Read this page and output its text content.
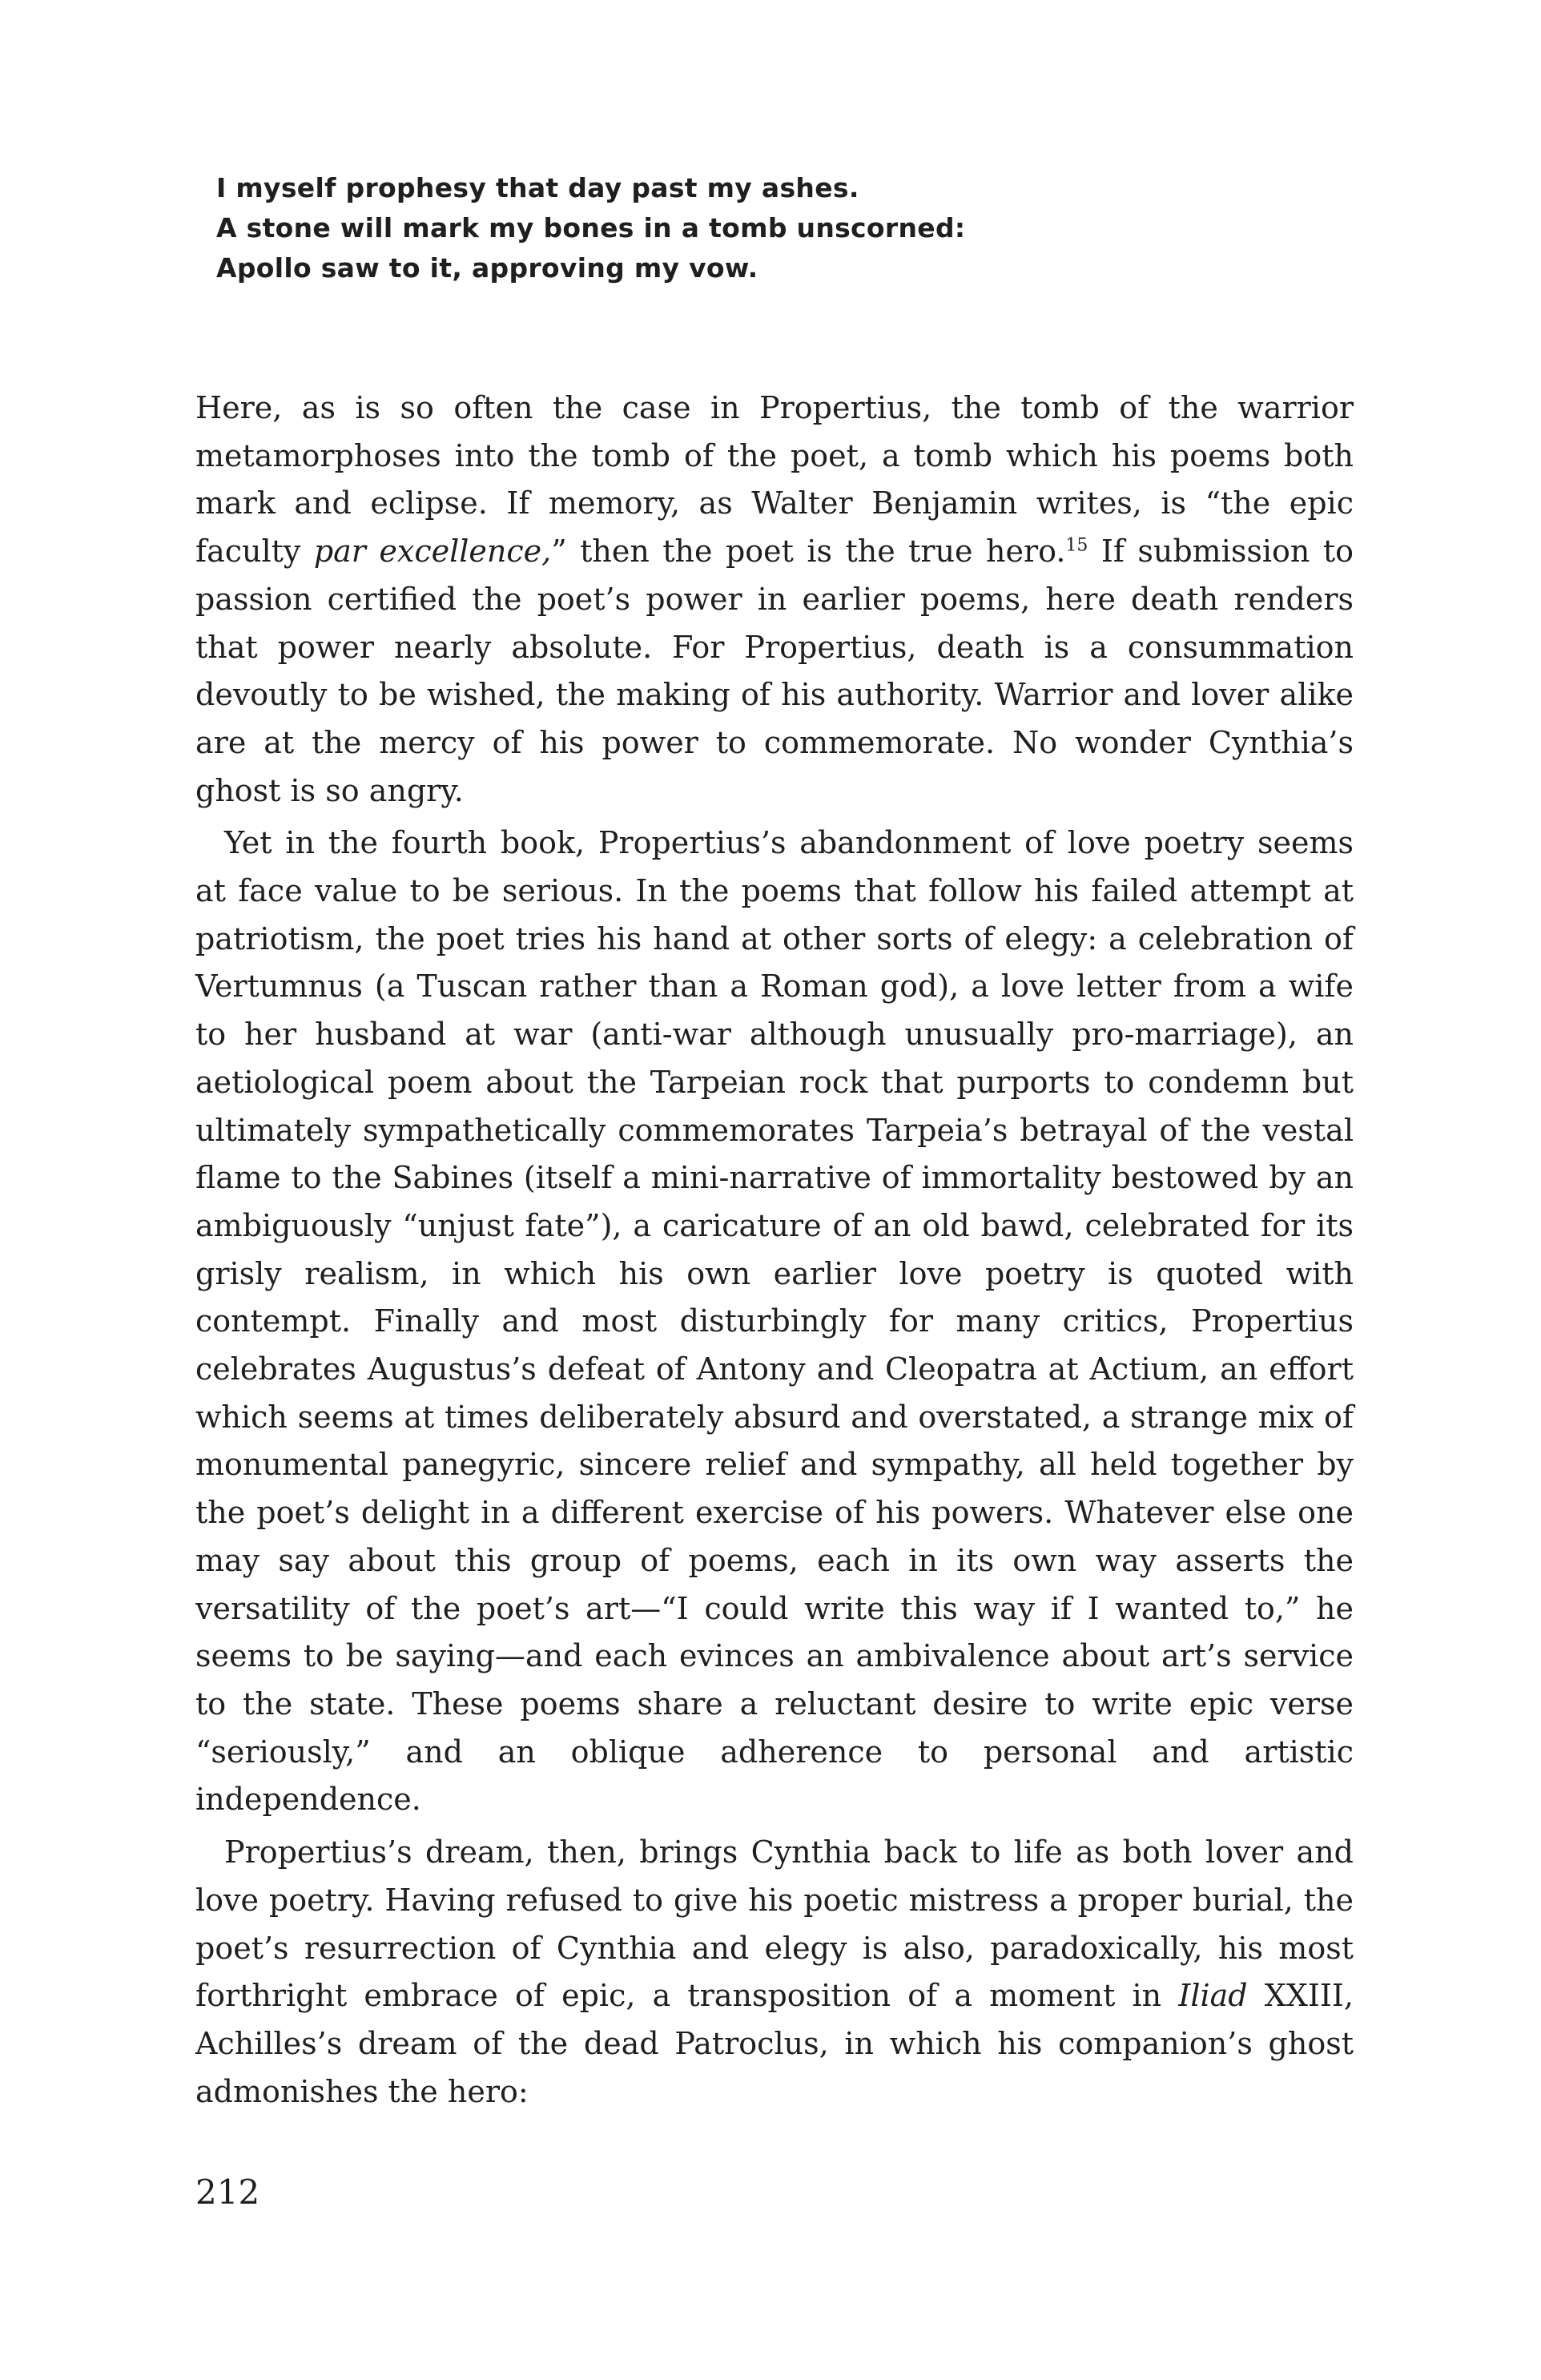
I myself prophesy that day past my ashes.
A stone will mark my bones in a tomb unscorned:
Apollo saw to it, approving my vow.

Here, as is so often the case in Propertius, the tomb of the warrior metamorphoses into the tomb of the poet, a tomb which his poems both mark and eclipse. If memory, as Walter Benjamin writes, is “the epic faculty par excellence,” then the poet is the true hero.$^{15}$ If submission to passion certified the poet’s power in earlier poems, here death renders that power nearly absolute. For Propertius, death is a consummation devoutly to be wished, the making of his authority. Warrior and lover alike are at the mercy of his power to commemorate. No wonder Cynthia’s ghost is so angry.

Yet in the fourth book, Propertius’s abandonment of love poetry seems at face value to be serious. In the poems that follow his failed attempt at patriotism, the poet tries his hand at other sorts of elegy: a celebration of Vertumnus (a Tuscan rather than a Roman god), a love letter from a wife to her husband at war (anti-war although unusually pro-marriage), an aetiological poem about the Tarpeian rock that purports to condemn but ultimately sympathetically commemorates Tarpeia’s betrayal of the vestal flame to the Sabines (itself a mini-narrative of immortality bestowed by an ambiguously “unjust fate”), a caricature of an old bawd, celebrated for its grisly realism, in which his own earlier love poetry is quoted with contempt. Finally and most disturbingly for many critics, Propertius celebrates Augustus’s defeat of Antony and Cleopatra at Actium, an effort which seems at times deliberately absurd and overstated, a strange mix of monumental panegyric, sincere relief and sympathy, all held together by the poet’s delight in a different exercise of his powers. Whatever else one may say about this group of poems, each in its own way asserts the versatility of the poet’s art—“I could write this way if I wanted to,” he seems to be saying—and each evinces an ambivalence about art’s service to the state. These poems share a reluctant desire to write epic verse “seriously,” and an oblique adherence to personal and artistic independence.

Propertius’s dream, then, brings Cynthia back to life as both lover and love poetry. Having refused to give his poetic mistress a proper burial, the poet’s resurrection of Cynthia and elegy is also, paradoxically, his most forthright embrace of epic, a transposition of a moment in Iliad XXIII, Achilles’s dream of the dead Patroclus, in which his companion’s ghost admonishes the hero:

212
